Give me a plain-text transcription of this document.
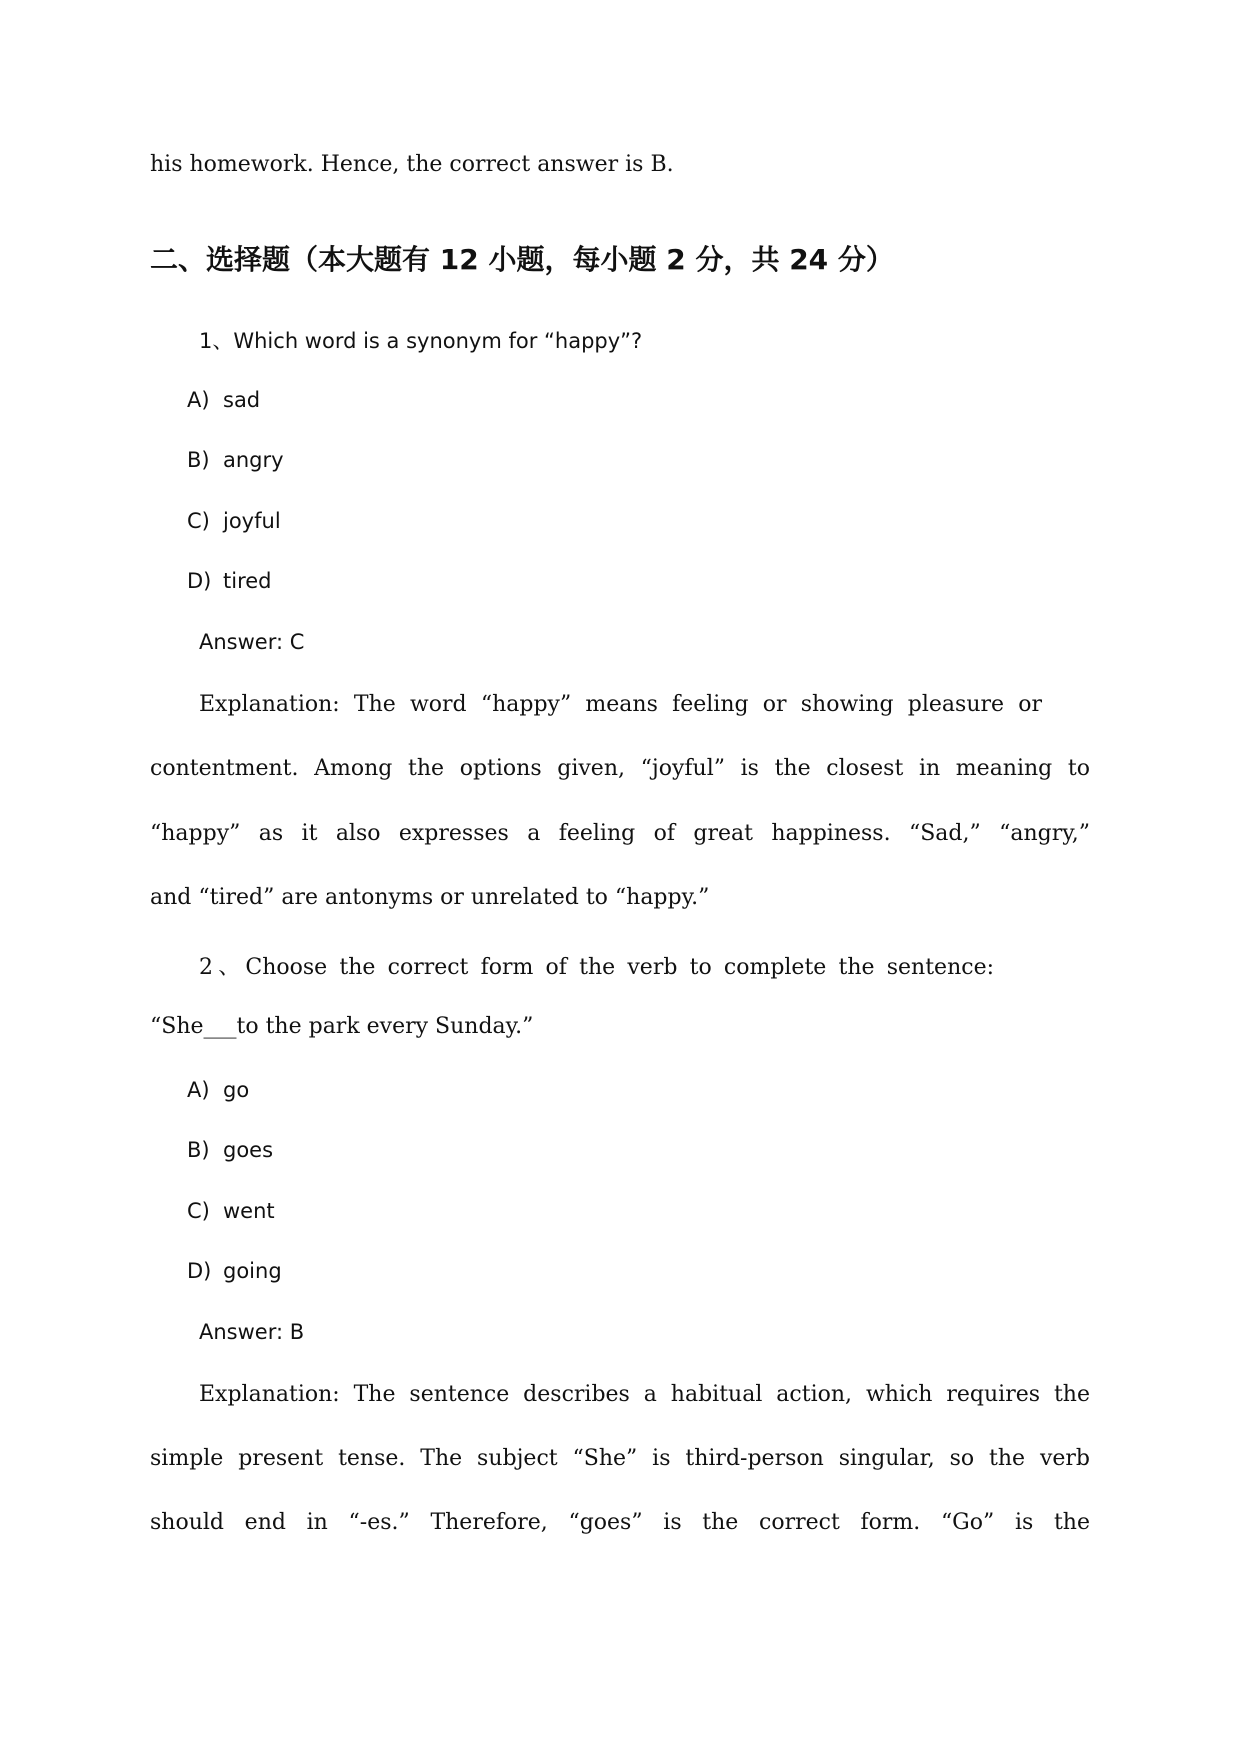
his homework. Hence, the correct answer is B.
二、选择题（本大题有 12 小题，每小题 2 分，共 24 分）
1、Which word is a synonym for “happy”?
A) sad
B) angry
C) joyful
D) tired
Answer: C
Explanation: The word “happy” means feeling or showing pleasure or
contentment. Among the options given, “joyful” is the closest in meaning to
“happy” as it also expresses a feeling of great happiness. “Sad,” “angry,”
and “tired” are antonyms or unrelated to “happy.”
2、Choose the correct form of the verb to complete the sentence:
“She___to the park every Sunday.”
A) go
B) goes
C) went
D) going
Answer: B
Explanation: The sentence describes a habitual action, which requires the
simple present tense. The subject “She” is third-person singular, so the verb
should end in “-es.” Therefore, “goes” is the correct form. “Go” is the
